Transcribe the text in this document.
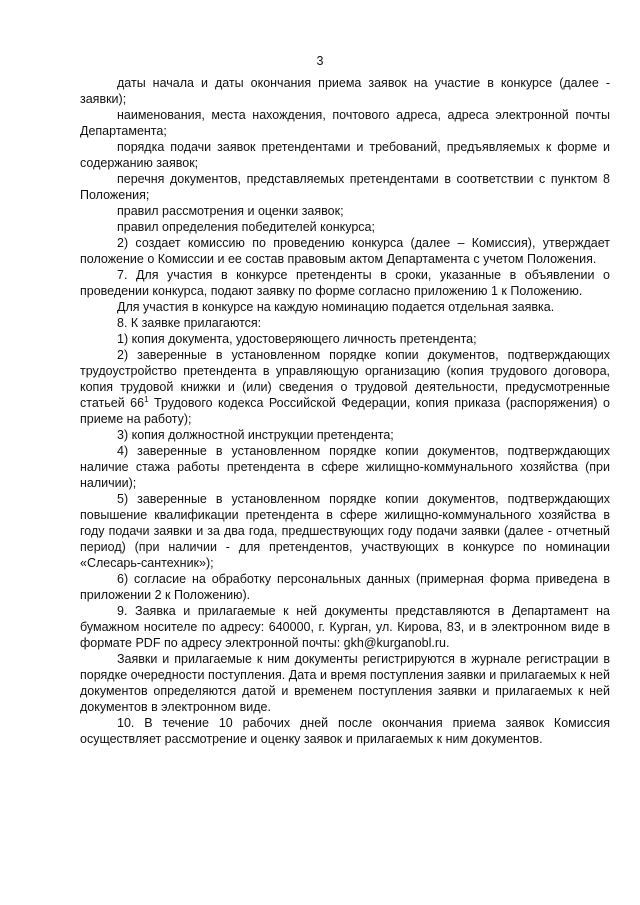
3

даты начала и даты окончания приема заявок на участие в конкурсе (далее - заявки);

наименования, места нахождения, почтового адреса, адреса электронной почты Департамента;

порядка подачи заявок претендентами и требований, предъявляемых к форме и содержанию заявок;

перечня документов, представляемых претендентами в соответствии с пунктом 8 Положения;

правил рассмотрения и оценки заявок;

правил определения победителей конкурса;

2) создает комиссию по проведению конкурса (далее – Комиссия), утверждает положение о Комиссии и ее состав правовым актом Департамента с учетом Положения.

7. Для участия в конкурсе претенденты в сроки, указанные в объявлении о проведении конкурса, подают заявку по форме согласно приложению 1 к Положению.

Для участия в конкурсе на каждую номинацию подается отдельная заявка.

8. К заявке прилагаются:

1) копия документа, удостоверяющего личность претендента;

2) заверенные в установленном порядке копии документов, подтверждающих трудоустройство претендента в управляющую организацию (копия трудового договора, копия трудовой книжки и (или) сведения о трудовой деятельности, предусмотренные статьей $66^1$ Трудового кодекса Российской Федерации, копия приказа (распоряжения) о приеме на работу);

3) копия должностной инструкции претендента;

4) заверенные в установленном порядке копии документов, подтверждающих наличие стажа работы претендента в сфере жилищно-коммунального хозяйства (при наличии);

5) заверенные в установленном порядке копии документов, подтверждающих повышение квалификации претендента в сфере жилищно-коммунального хозяйства в году подачи заявки и за два года, предшествующих году подачи заявки (далее - отчетный период) (при наличии - для претендентов, участвующих в конкурсе по номинации «Слесарь-сантехник»);

6) согласие на обработку персональных данных (примерная форма приведена в приложении 2 к Положению).

9. Заявка и прилагаемые к ней документы представляются в Департамент на бумажном носителе по адресу: 640000, г. Курган, ул. Кирова, 83, и в электронном виде в формате PDF по адресу электронной почты: gkh@kurganobl.ru.

Заявки и прилагаемые к ним документы регистрируются в журнале регистрации в порядке очередности поступления. Дата и время поступления заявки и прилагаемых к ней документов определяются датой и временем поступления заявки и прилагаемых к ней документов в электронном виде.

10. В течение 10 рабочих дней после окончания приема заявок Комиссия осуществляет рассмотрение и оценку заявок и прилагаемых к ним документов.
